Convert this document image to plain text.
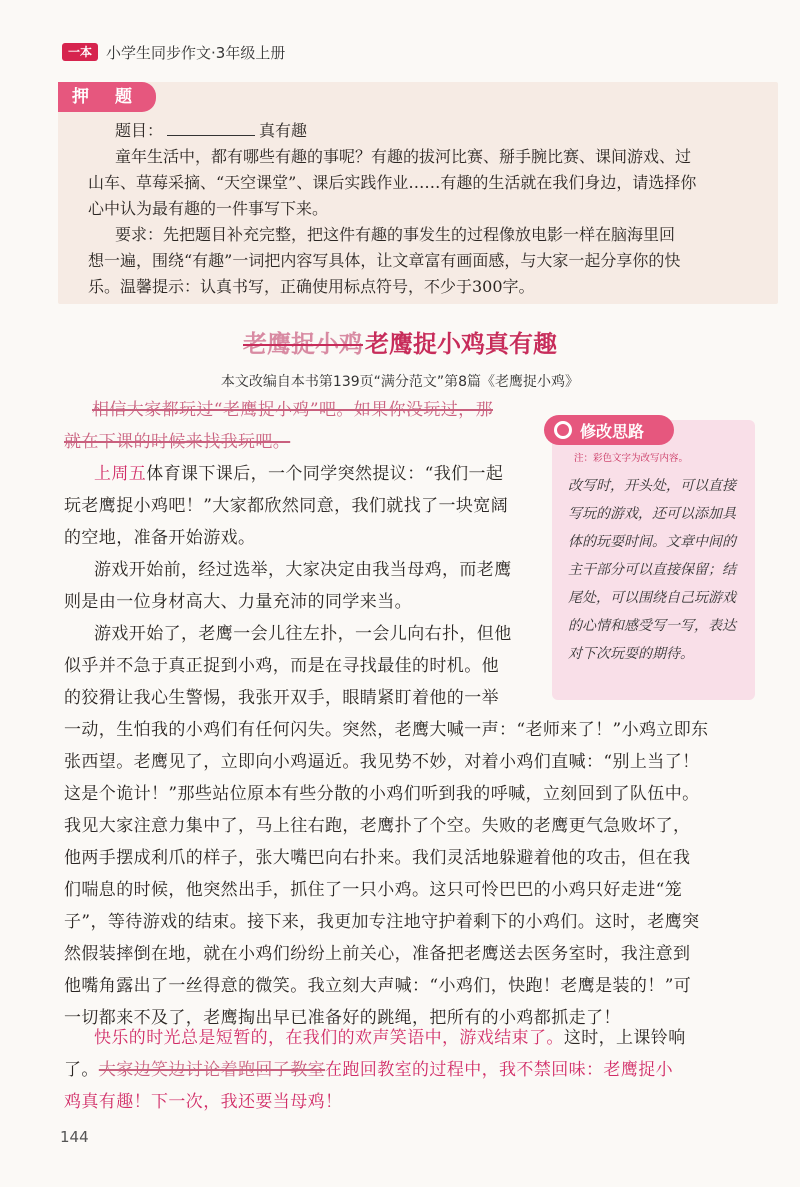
一本 小学生同步作文·3年级上册
押 题
题目：	真有趣
童年生活中，都有哪些有趣的事呢？有趣的拔河比赛、掰手腕比赛、课间游戏、过
山车、草莓采摘、“天空课堂”、课后实践作业……有趣的生活就在我们身边，请选择你
心中认为最有趣的一件事写下来。
要求：先把题目补充完整，把这件有趣的事发生的过程像放电影一样在脑海里回
想一遍，围绕“有趣”一词把内容写具体，让文章富有画面感，与大家一起分享你的快
乐。温馨提示：认真书写，正确使用标点符号，不少于300字。
老鹰捉小鸡老鹰捉小鸡真有趣
本文改编自本书第139页“满分范文”第8篇《老鹰捉小鸡》
相信大家都玩过“老鹰捉小鸡”吧。如果你没玩过，那
就在下课的时候来找我玩吧。
上周五体育课下课后，一个同学突然提议：“我们一起
玩老鹰捉小鸡吧！”大家都欣然同意，我们就找了一块宽阔
的空地，准备开始游戏。
游戏开始前，经过选举，大家决定由我当母鸡，而老鹰
则是由一位身材高大、力量充沛的同学来当。
游戏开始了，老鹰一会儿往左扑，一会儿向右扑，但他
似乎并不急于真正捉到小鸡，而是在寻找最佳的时机。他
的狡猾让我心生警惕，我张开双手，眼睛紧盯着他的一举
一动，生怕我的小鸡们有任何闪失。突然，老鹰大喊一声：“老师来了！”小鸡立即东
张西望。老鹰见了，立即向小鸡逼近。我见势不妙，对着小鸡们直喊：“别上当了！
这是个诡计！”那些站位原本有些分散的小鸡们听到我的呼喊，立刻回到了队伍中。
我见大家注意力集中了，马上往右跑，老鹰扑了个空。失败的老鹰更气急败坏了，
他两手摆成利爪的样子，张大嘴巴向右扑来。我们灵活地躲避着他的攻击，但在我
们喘息的时候，他突然出手，抓住了一只小鸡。这只可怜巴巴的小鸡只好走进“笼
子”，等待游戏的结束。接下来，我更加专注地守护着剩下的小鸡们。这时，老鹰突
然假装摔倒在地，就在小鸡们纷纷上前关心，准备把老鹰送去医务室时，我注意到
他嘴角露出了一丝得意的微笑。我立刻大声喊：“小鸡们，快跑！老鹰是装的！”可
一切都来不及了，老鹰掏出早已准备好的跳绳，把所有的小鸡都抓走了！
快乐的时光总是短暂的，在我们的欢声笑语中，游戏结束了。这时，上课铃响
了。大家边笑边讨论着跑回了教室在跑回教室的过程中，我不禁回味：老鹰捉小
鸡真有趣！下一次，我还要当母鸡！
修改思路
注：彩色文字为改写内容。
改写时，开头处，可以直接写玩的游戏，还可以添加具体的玩耍时间。文章中间的主干部分可以直接保留；结尾处，可以围绕自己玩游戏的心情和感受写一写，表达对下次玩耍的期待。
144
